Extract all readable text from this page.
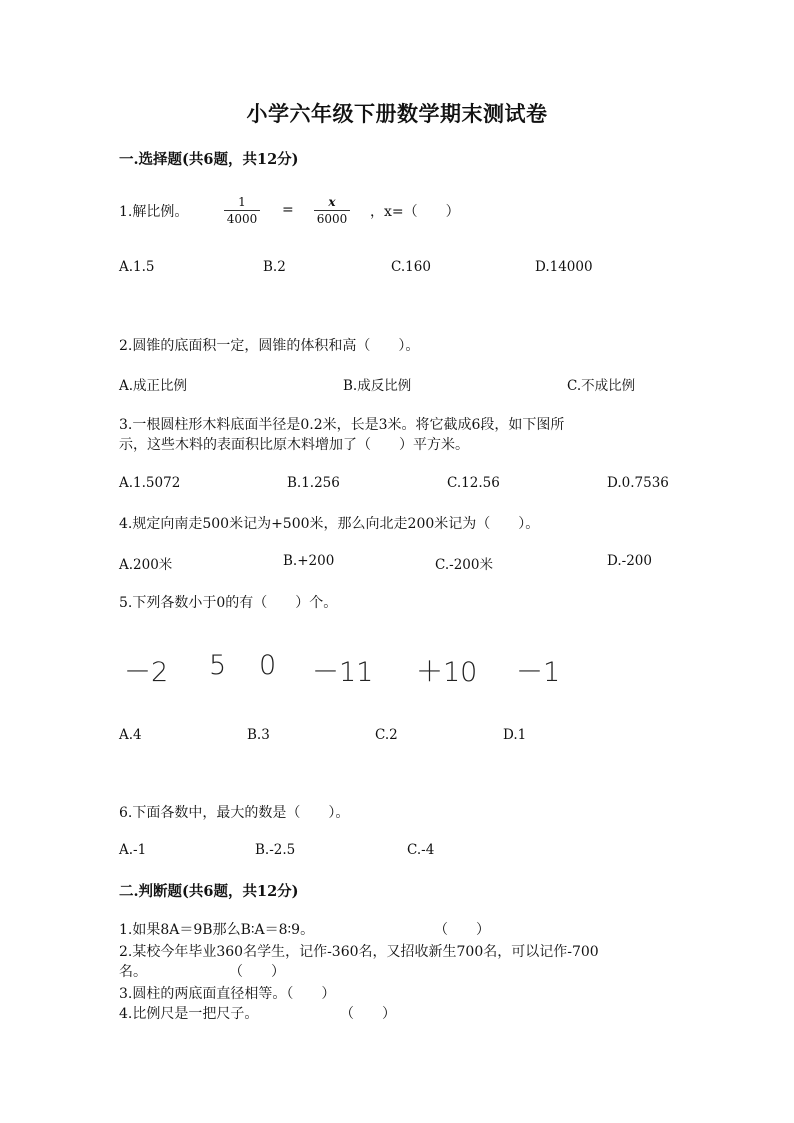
小学六年级下册数学期末测试卷
一.选择题(共6题，共12分)
1.解比例。
1
4000
=	x
6000 ，x=（　　）
A.1.5	B.2	C.160	D.14000
2.圆锥的底面积一定，圆锥的体积和高（　　）。
A.成正比例	B.成反比例	C.不成比例
3.一根圆柱形木料底面半径是0.2米，长是3米。将它截成6段，如下图所
示，这些木料的表面积比原木料增加了（　　）平方米。
A.1.5072	B.1.256	C.12.56	D.0.7536
4.规定向南走500米记为+500米，那么向北走200米记为（　　）。
A.200米	B.+200	C.-200米	D.-200
5.下列各数小于0的有（　　）个。
－2 5 0 －11 ＋10 －1
A.4	B.3	C.2	D.1
6.下面各数中，最大的数是（　　）。
A.-1	B.-2.5	C.-4
二.判断题(共6题，共12分)
1.如果8A＝9B那么B∶A＝8∶9。	（　　）
2.某校今年毕业360名学生，记作-360名，又招收新生700名，可以记作-700
名。	（　　）
3.圆柱的两底面直径相等。（　　）
4.比例尺是一把尺子。	（　　）
